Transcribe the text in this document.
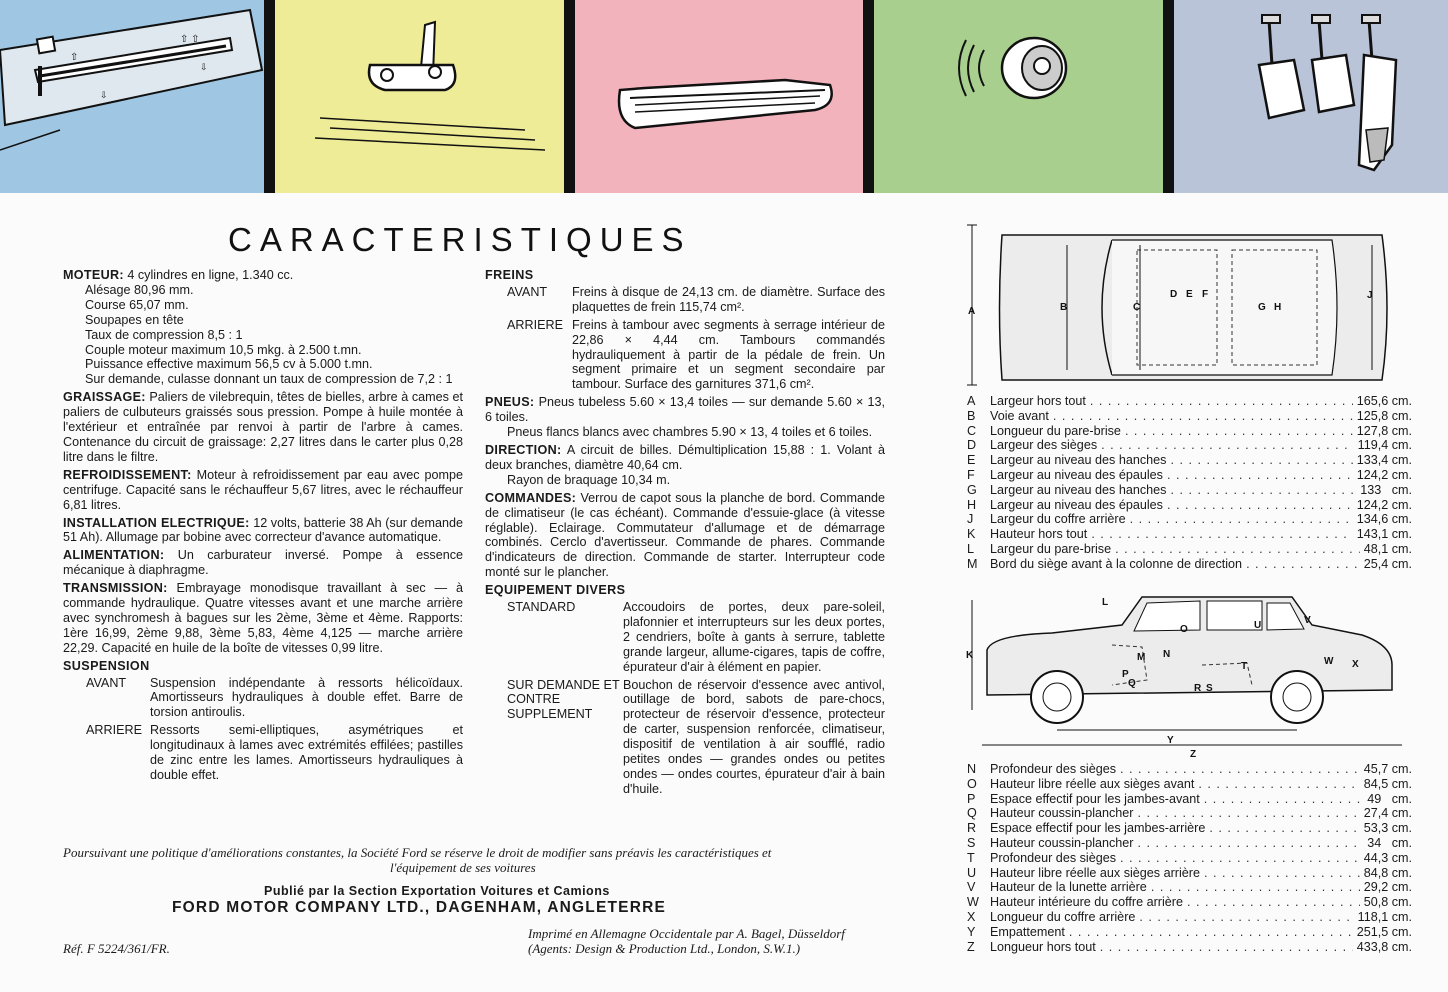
⇧
⇧ ⇧
⇩
⇩
CARACTERISTIQUES
MOTEUR: 4 cylindres en ligne, 1.340 cc.
Alésage 80,96 mm.
Course 65,07 mm.
Soupapes en tête
Taux de compression 8,5 : 1
Couple moteur maximum 10,5 mkg. à 2.500 t.mn.
Puissance effective maximum 56,5 cv à 5.000 t.mn.
Sur demande, culasse donnant un taux de compression de 7,2 : 1
GRAISSAGE: Paliers de vilebrequin, têtes de bielles, arbre à cames et paliers de culbuteurs graissés sous pression. Pompe à huile montée à l'extérieur et entraînée par renvoi à partir de l'arbre à cames. Contenance du circuit de graissage: 2,27 litres dans le carter plus 0,28 litre dans le filtre.
REFROIDISSEMENT: Moteur à refroidissement par eau avec pompe centrifuge. Capacité sans le réchauffeur 5,67 litres, avec le réchauffeur 6,81 litres.
INSTALLATION ELECTRIQUE: 12 volts, batterie 38 Ah (sur demande 51 Ah). Allumage par bobine avec correcteur d'avance automatique.
ALIMENTATION: Un carburateur inversé. Pompe à essence mécanique à diaphragme.
TRANSMISSION: Embrayage monodisque travaillant à sec — à commande hydraulique. Quatre vitesses avant et une marche arrière avec synchromesh à bagues sur les 2ème, 3ème et 4ème. Rapports: 1ère 16,99, 2ème 9,88, 3ème 5,83, 4ème 4,125 — marche arrière 22,29. Capacité en huile de la boîte de vitesses 0,99 litre.
SUSPENSION
AVANT	Suspension indépendante à ressorts hélicoïdaux. Amortisseurs hydrauliques à double effet. Barre de torsion antiroulis.
ARRIERE Ressorts semi-elliptiques, asymétriques et longitudinaux à lames avec extrémités effilées; pastilles de zinc entre les lames. Amortisseurs hydrauliques à double effet.
FREINS
AVANT	Freins à disque de 24,13 cm. de diamètre. Surface des plaquettes de frein 115,74 cm².
ARRIERE Freins à tambour avec segments à serrage intérieur de 22,86 × 4,44 cm. Tambours commandés hydrauliquement à partir de la pédale de frein. Un segment primaire et un segment secondaire par tambour. Surface des garnitures 371,6 cm².
PNEUS: Pneus tubeless 5.60 × 13,4 toiles — sur demande 5.60 × 13, 6 toiles.
Pneus flancs blancs avec chambres 5.90 × 13, 4 toiles et 6 toiles.
DIRECTION: A circuit de billes. Démultiplication 15,88 : 1. Volant à deux branches, diamètre 40,64 cm.
Rayon de braquage 10,34 m.
COMMANDES: Verrou de capot sous la planche de bord. Commande de climatiseur (le cas échéant). Commande d'essuie-glace (à vitesse réglable). Eclairage. Commutateur d'allumage et de démarrage combinés. Cerclo d'avertisseur. Commande de phares. Commande d'indicateurs de direction. Commande de starter. Interrupteur code monté sur le plancher.
EQUIPEMENT DIVERS
STANDARD	Accoudoirs de portes, deux pare-soleil, plafonnier et interrupteurs sur les deux portes, 2 cendriers, boîte à gants à serrure, tablette grande largeur, allume-cigares, tapis de coffre, épurateur d'air à élément en papier.
SUR DEMANDE ET CONTRE SUPPLEMENT
Bouchon de réservoir d'essence avec antivol, outillage de bord, sabots de pare-chocs, protecteur de réservoir d'essence, protecteur de carter, suspension renforcée, climatiseur, dispositif de ventilation à air soufflé, radio petites ondes — grandes ondes ou petites ondes — ondes courtes, épurateur d'air à bain d'huile.
Poursuivant une politique d'améliorations constantes, la Société Ford se réserve le droit de modifier sans préavis les caractéristiques et
l'équipement de ses voitures
Publié par la Section Exportation Voitures et Camions
FORD MOTOR COMPANY LTD., DAGENHAM, ANGLETERRE
Réf. F 5224/361/FR.
Imprimé en Allemagne Occidentale par A. Bagel, Düsseldorf
(Agents: Design & Production Ltd., London, S.W.1.)
A	B	C
D E F
G H
J
A	Largeur hors tout . . .	165,6 cm.
B	Voie avant . . .	125,8 cm.
C	Longueur du pare-brise . . .	127,8 cm.
D	Largeur des sièges . . .	119,4 cm.
E	Largeur au niveau des hanches . . .	133,4 cm.
F	Largeur au niveau des épaules . . .	124,2 cm.
G	Largeur au niveau des hanches . . .	133   cm.
H	Largeur au niveau des épaules . . .	124,2 cm.
J	Largeur du coffre arrière . . .	134,6 cm.
K	Hauteur hors tout . . .	143,1 cm.
L	Largeur du pare-brise . . .	48,1 cm.
M Bord du siège avant à la colonne de direction . . .	25,4 cm.
K
L
V
O	U
M N
P
Q
T
R S
W X
Y
Z
N	Profondeur des sièges . . .	45,7 cm.
O	Hauteur libre réelle aux sièges avant . . .	84,5 cm.
P	Espace effectif pour les jambes-avant . . .	49   cm.
Q	Hauteur coussin-plancher . . .	27,4 cm.
R	Espace effectif pour les jambes-arrière . . .	53,3 cm.
S	Hauteur coussin-plancher . . .	34   cm.
T	Profondeur des sièges . . .	44,3 cm.
U	Hauteur libre réelle aux sièges arrière . . .	84,8 cm.
V	Hauteur de la lunette arrière . . .	29,2 cm.
W Hauteur intérieure du coffre arrière . . .	50,8 cm.
X	Longueur du coffre arrière . . .	118,1 cm.
Y	Empattement . . .	251,5 cm.
Z	Longueur hors tout . . .	433,8 cm.
